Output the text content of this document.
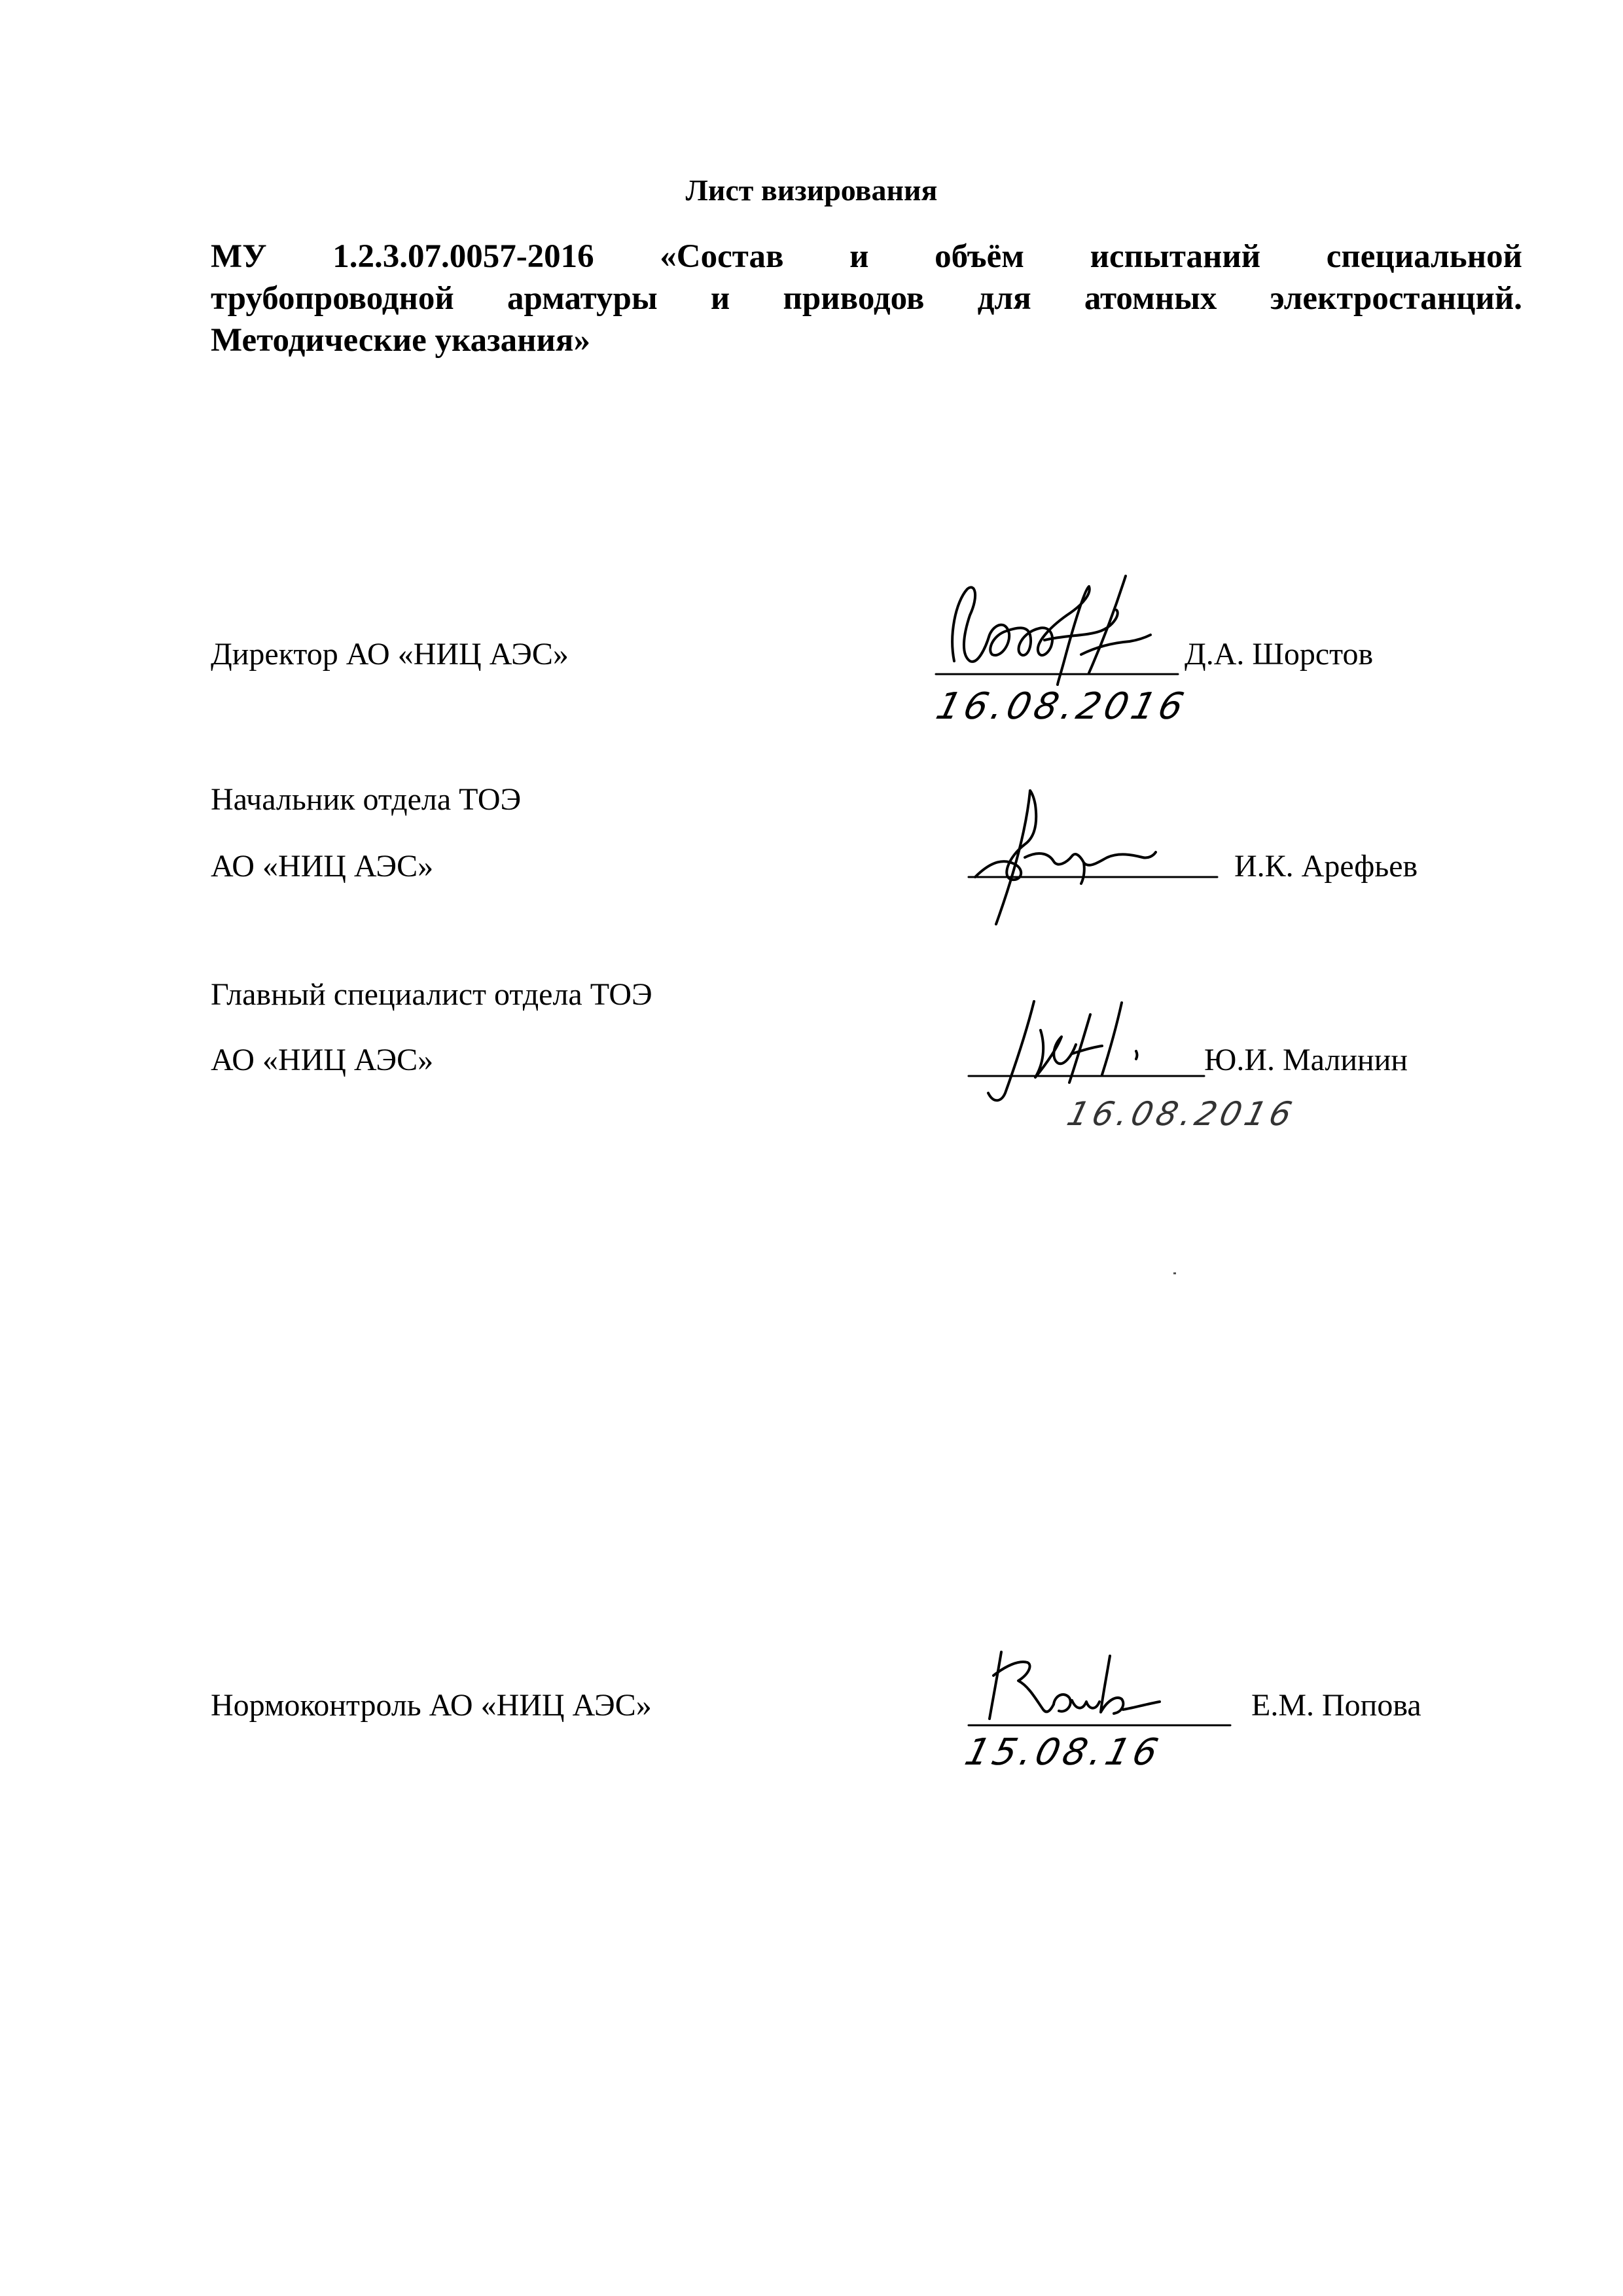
Лист визирования
МУ 1.2.3.07.0057-2016 «Состав и объём испытаний специальной
трубопроводной арматуры и приводов для атомных электростанций.
Методические указания»
Директор АО «НИЦ АЭС»	Д.А. Шорстов
16.08.2016
Начальник отдела ТОЭ
АО «НИЦ АЭС»	И.К. Арефьев
Главный специалист отдела ТОЭ
АО «НИЦ АЭС»	Ю.И. Малинин
16.08.2016
Нормоконтроль АО «НИЦ АЭС»	Е.М. Попова
15.08.16
